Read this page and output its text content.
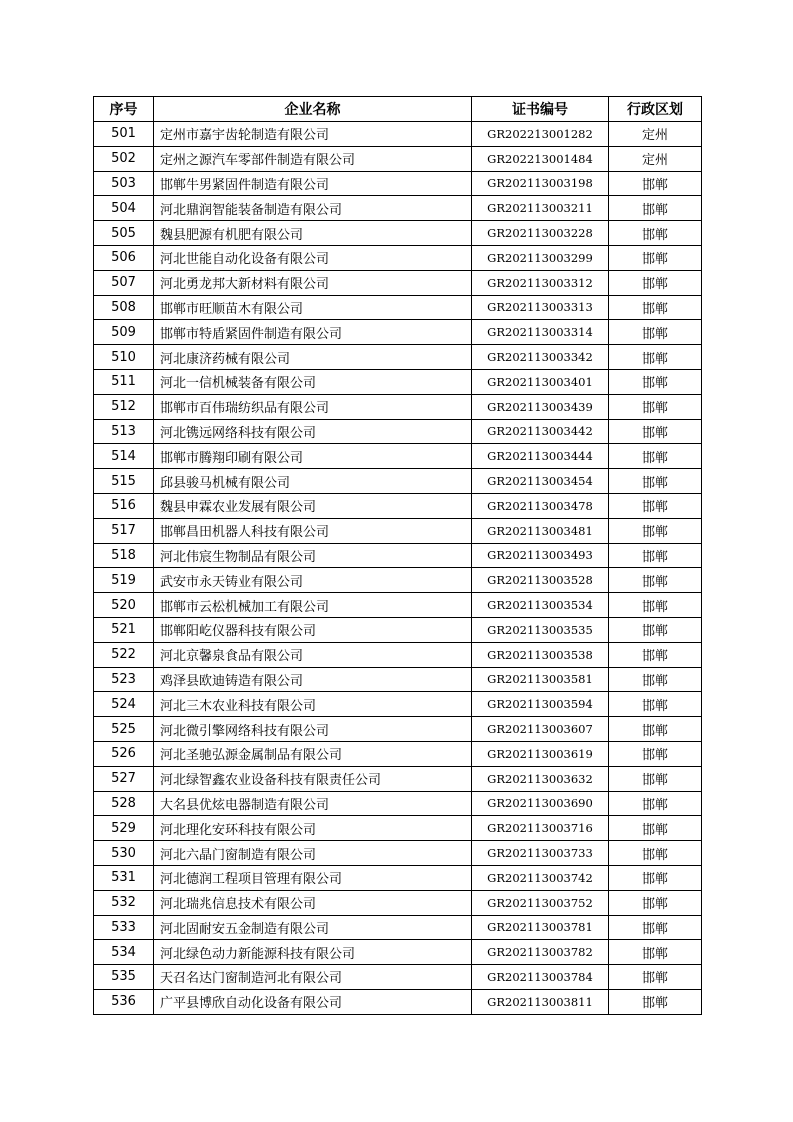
序号	企业名称	证书编号	行政区划
501	定州市嘉宇齿轮制造有限公司	GR202213001282	定州
502	定州之源汽车零部件制造有限公司	GR202213001484	定州
503	邯郸牛男紧固件制造有限公司	GR202113003198	邯郸
504	河北鼎润智能装备制造有限公司	GR202113003211	邯郸
505	魏县肥源有机肥有限公司	GR202113003228	邯郸
506	河北世能自动化设备有限公司	GR202113003299	邯郸
507	河北勇龙邦大新材料有限公司	GR202113003312	邯郸
508	邯郸市旺顺苗木有限公司	GR202113003313	邯郸
509	邯郸市特盾紧固件制造有限公司	GR202113003314	邯郸
510	河北康济药械有限公司	GR202113003342	邯郸
511	河北一信机械装备有限公司	GR202113003401	邯郸
512	邯郸市百伟瑞纺织品有限公司	GR202113003439	邯郸
513	河北镌远网络科技有限公司	GR202113003442	邯郸
514	邯郸市腾翔印刷有限公司	GR202113003444	邯郸
515	邱县骏马机械有限公司	GR202113003454	邯郸
516	魏县申霖农业发展有限公司	GR202113003478	邯郸
517	邯郸昌田机器人科技有限公司	GR202113003481	邯郸
518	河北伟宸生物制品有限公司	GR202113003493	邯郸
519	武安市永天铸业有限公司	GR202113003528	邯郸
520	邯郸市云松机械加工有限公司	GR202113003534	邯郸
521	邯郸阳屹仪器科技有限公司	GR202113003535	邯郸
522	河北京馨泉食品有限公司	GR202113003538	邯郸
523	鸡泽县欧迪铸造有限公司	GR202113003581	邯郸
524	河北三木农业科技有限公司	GR202113003594	邯郸
525	河北微引擎网络科技有限公司	GR202113003607	邯郸
526	河北圣驰弘源金属制品有限公司	GR202113003619	邯郸
527	河北绿智鑫农业设备科技有限责任公司	GR202113003632	邯郸
528	大名县优炫电器制造有限公司	GR202113003690	邯郸
529	河北理化安环科技有限公司	GR202113003716	邯郸
530	河北六晶门窗制造有限公司	GR202113003733	邯郸
531	河北德润工程项目管理有限公司	GR202113003742	邯郸
532	河北瑞兆信息技术有限公司	GR202113003752	邯郸
533	河北固耐安五金制造有限公司	GR202113003781	邯郸
534	河北绿色动力新能源科技有限公司	GR202113003782	邯郸
535	天召名达门窗制造河北有限公司	GR202113003784	邯郸
536	广平县博欣自动化设备有限公司	GR202113003811	邯郸
